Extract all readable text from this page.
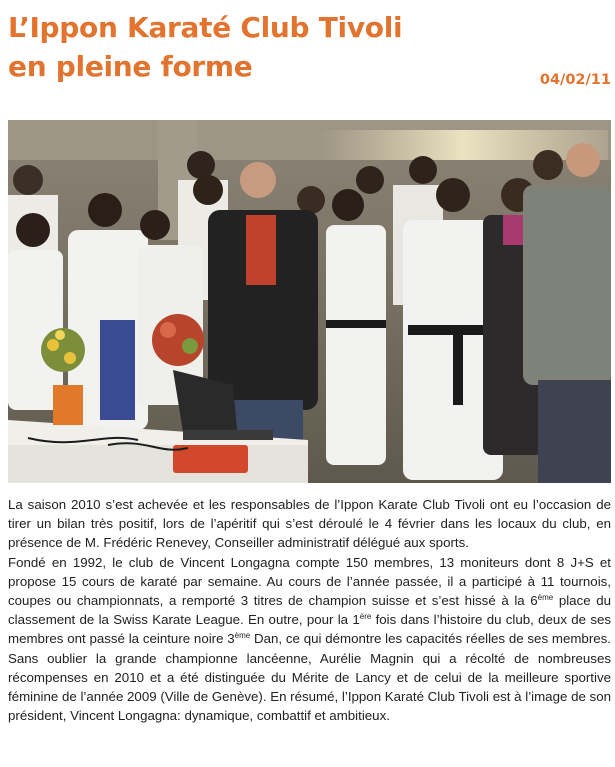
L’Ippon Karaté Club Tivoli
en pleine forme	04/02/11

La saison 2010 s’est achevée et les responsables de l’Ippon Karate Club Tivoli ont eu l’occasion de tirer un bilan très positif, lors de l’apéritif qui s’est déroulé le 4 février dans les locaux du club, en présence de M. Frédéric Renevey, Conseiller administratif délégué aux sports.

Fondé en 1992, le club de Vincent Longagna compte 150 membres, 13 moniteurs dont 8 J+S et propose 15 cours de karaté par semaine. Au cours de l’année passée, il a participé à 11 tournois, coupes ou championnats, a remporté 3 titres de champion suisse et s’est hissé à la 6ème place du classement de la Swiss Karate League. En outre, pour la 1ère fois dans l’histoire du club, deux de ses membres ont passé la ceinture noire 3ème Dan, ce qui démontre les capacités réelles de ses membres. Sans oublier la grande championne lancéenne, Aurélie Magnin qui a récolté de nombreuses récompenses en 2010 et a été distinguée du Mérite de Lancy et de celui de la meilleure sportive féminine de l’année 2009 (Ville de Genève). En résumé, l’Ippon Karaté Club Tivoli est à l’image de son président, Vincent Longagna: dynamique, combattif et ambitieux.
